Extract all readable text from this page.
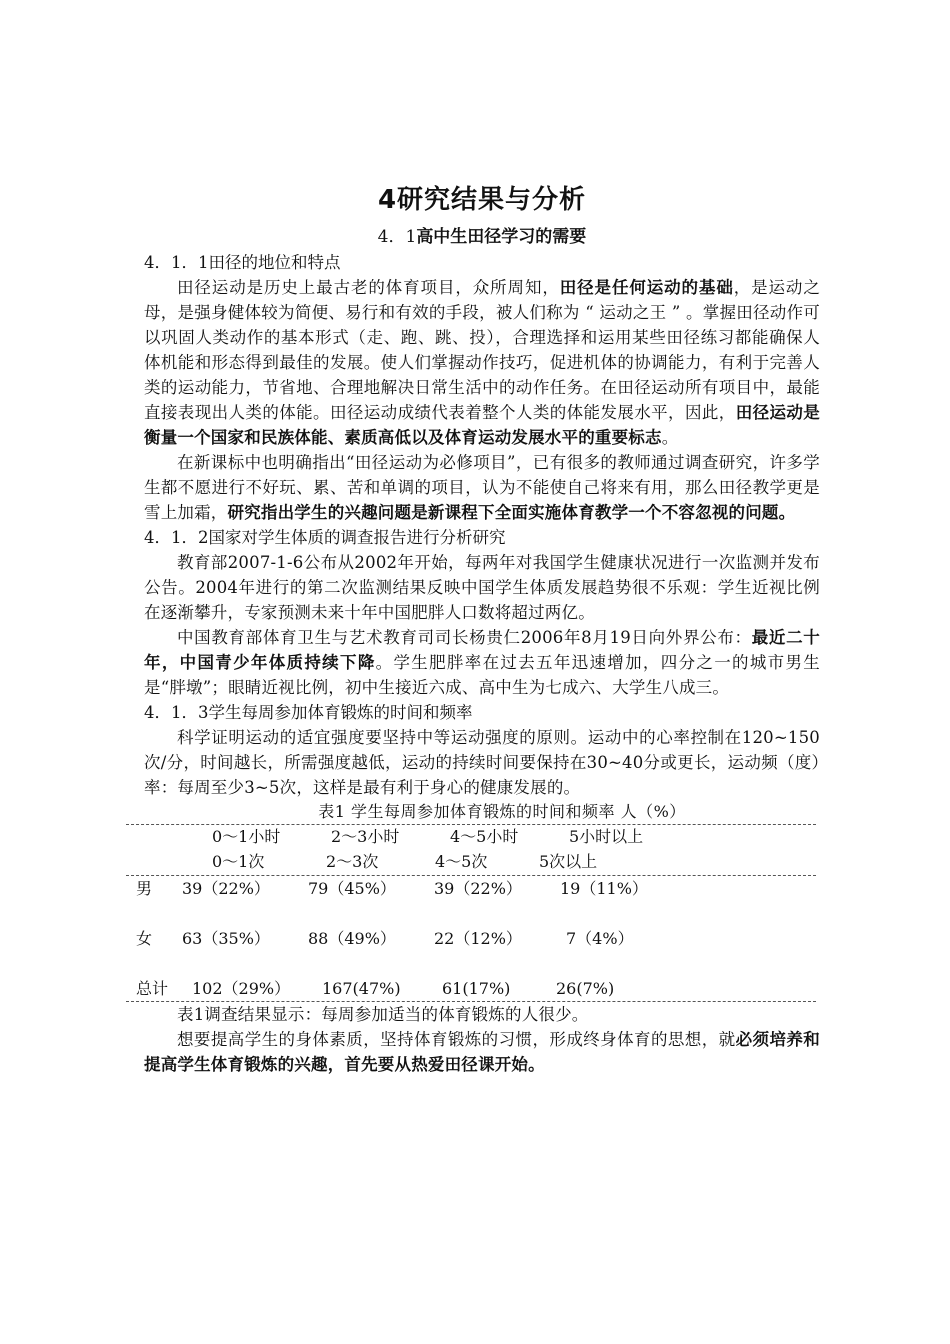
4研究结果与分析
4．1高中生田径学习的需要
4．1．1田径的地位和特点

田径运动是历史上最古老的体育项目，众所周知，田径是任何运动的基础，是运动之母，是强身健体较为简便、易行和有效的手段，被人们称为 “ 运动之王 ” 。掌握田径动作可以巩固人类动作的基本形式（走、跑、跳、投），合理选择和运用某些田径练习都能确保人体机能和形态得到最佳的发展。使人们掌握动作技巧，促进机体的协调能力，有利于完善人类的运动能力，节省地、合理地解决日常生活中的动作任务。在田径运动所有项目中，最能直接表现出人类的体能。田径运动成绩代表着整个人类的体能发展水平，因此，田径运动是衡量一个国家和民族体能、素质高低以及体育运动发展水平的重要标志。

在新课标中也明确指出“田径运动为必修项目”，已有很多的教师通过调查研究，许多学生都不愿进行不好玩、累、苦和单调的项目，认为不能使自己将来有用，那么田径教学更是雪上加霜，研究指出学生的兴趣问题是新课程下全面实施体育教学一个不容忽视的问题。

4．1．2国家对学生体质的调查报告进行分析研究

教育部2007-1-6公布从2002年开始，每两年对我国学生健康状况进行一次监测并发布公告。2004年进行的第二次监测结果反映中国学生体质发展趋势很不乐观：学生近视比例在逐渐攀升，专家预测未来十年中国肥胖人口数将超过两亿。

中国教育部体育卫生与艺术教育司司长杨贵仁2006年8月19日向外界公布：最近二十年，中国青少年体质持续下降。学生肥胖率在过去五年迅速增加，四分之一的城市男生是“胖墩”；眼睛近视比例，初中生接近六成、高中生为七成六、大学生八成三。

4．1．3学生每周参加体育锻炼的时间和频率

科学证明运动的适宜强度要坚持中等运动强度的原则。运动中的心率控制在120~150次/分，时间越长，所需强度越低，运动的持续时间要保持在30~40分或更长，运动频（度）率：每周至少3~5次，这样是最有利于身心的健康发展的。

表1 学生每周参加体育锻炼的时间和频率 人（%）
0～1小时	2～3小时	4～5小时	5小时以上
0～1次	2～3次	4～5次	5次以上
男 39（22%） 79（45%） 39（22%） 19（11%）
女 63（35%） 88（49%） 22（12%）	7（4%）
总计 102（29%） 167(47%)	61(17%)	26(7%)

表1调查结果显示：每周参加适当的体育锻炼的人很少。

想要提高学生的身体素质，坚持体育锻炼的习惯，形成终身体育的思想，就必须培养和提高学生体育锻炼的兴趣，首先要从热爱田径课开始。
